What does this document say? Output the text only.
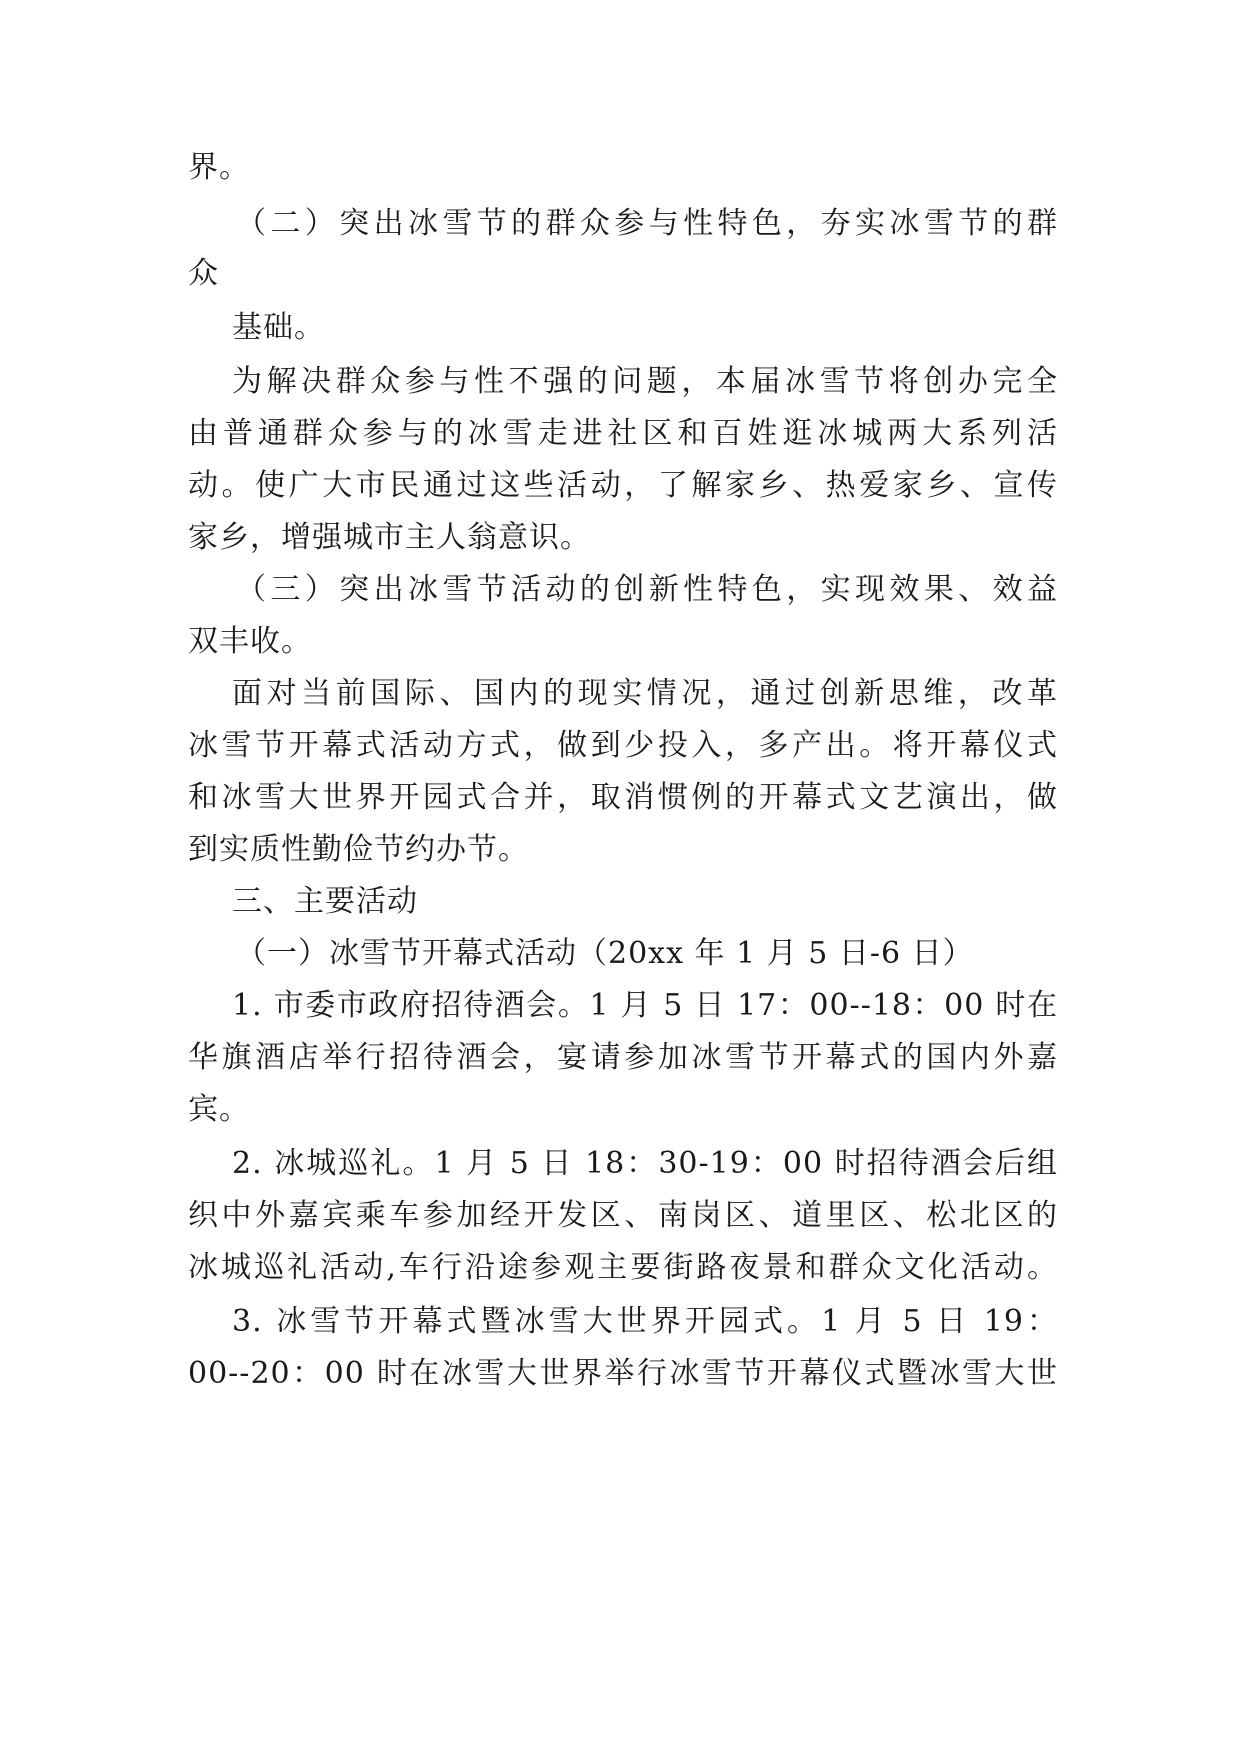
界。
（二）突出冰雪节的群众参与性特色，夯实冰雪节的群
众
基础。
为解决群众参与性不强的问题，本届冰雪节将创办完全
由普通群众参与的冰雪走进社区和百姓逛冰城两大系列活
动。使广大市民通过这些活动，了解家乡、热爱家乡、宣传
家乡，增强城市主人翁意识。
（三）突出冰雪节活动的创新性特色，实现效果、效益
双丰收。
面对当前国际、国内的现实情况，通过创新思维，改革
冰雪节开幕式活动方式，做到少投入，多产出。将开幕仪式
和冰雪大世界开园式合并，取消惯例的开幕式文艺演出，做
到实质性勤俭节约办节。
三、主要活动
（一）冰雪节开幕式活动（20xx 年 1 月 5 日-6 日）
1. 市委市政府招待酒会。1 月 5 日 17：00--18：00 时在
华旗酒店举行招待酒会，宴请参加冰雪节开幕式的国内外嘉
宾。
2. 冰城巡礼。1 月 5 日 18：30-19：00 时招待酒会后组
织中外嘉宾乘车参加经开发区、南岗区、道里区、松北区的
冰城巡礼活动,车行沿途参观主要街路夜景和群众文化活动。
3. 冰雪节开幕式暨冰雪大世界开园式。1 月 5 日 19：
00--20：00 时在冰雪大世界举行冰雪节开幕仪式暨冰雪大世
